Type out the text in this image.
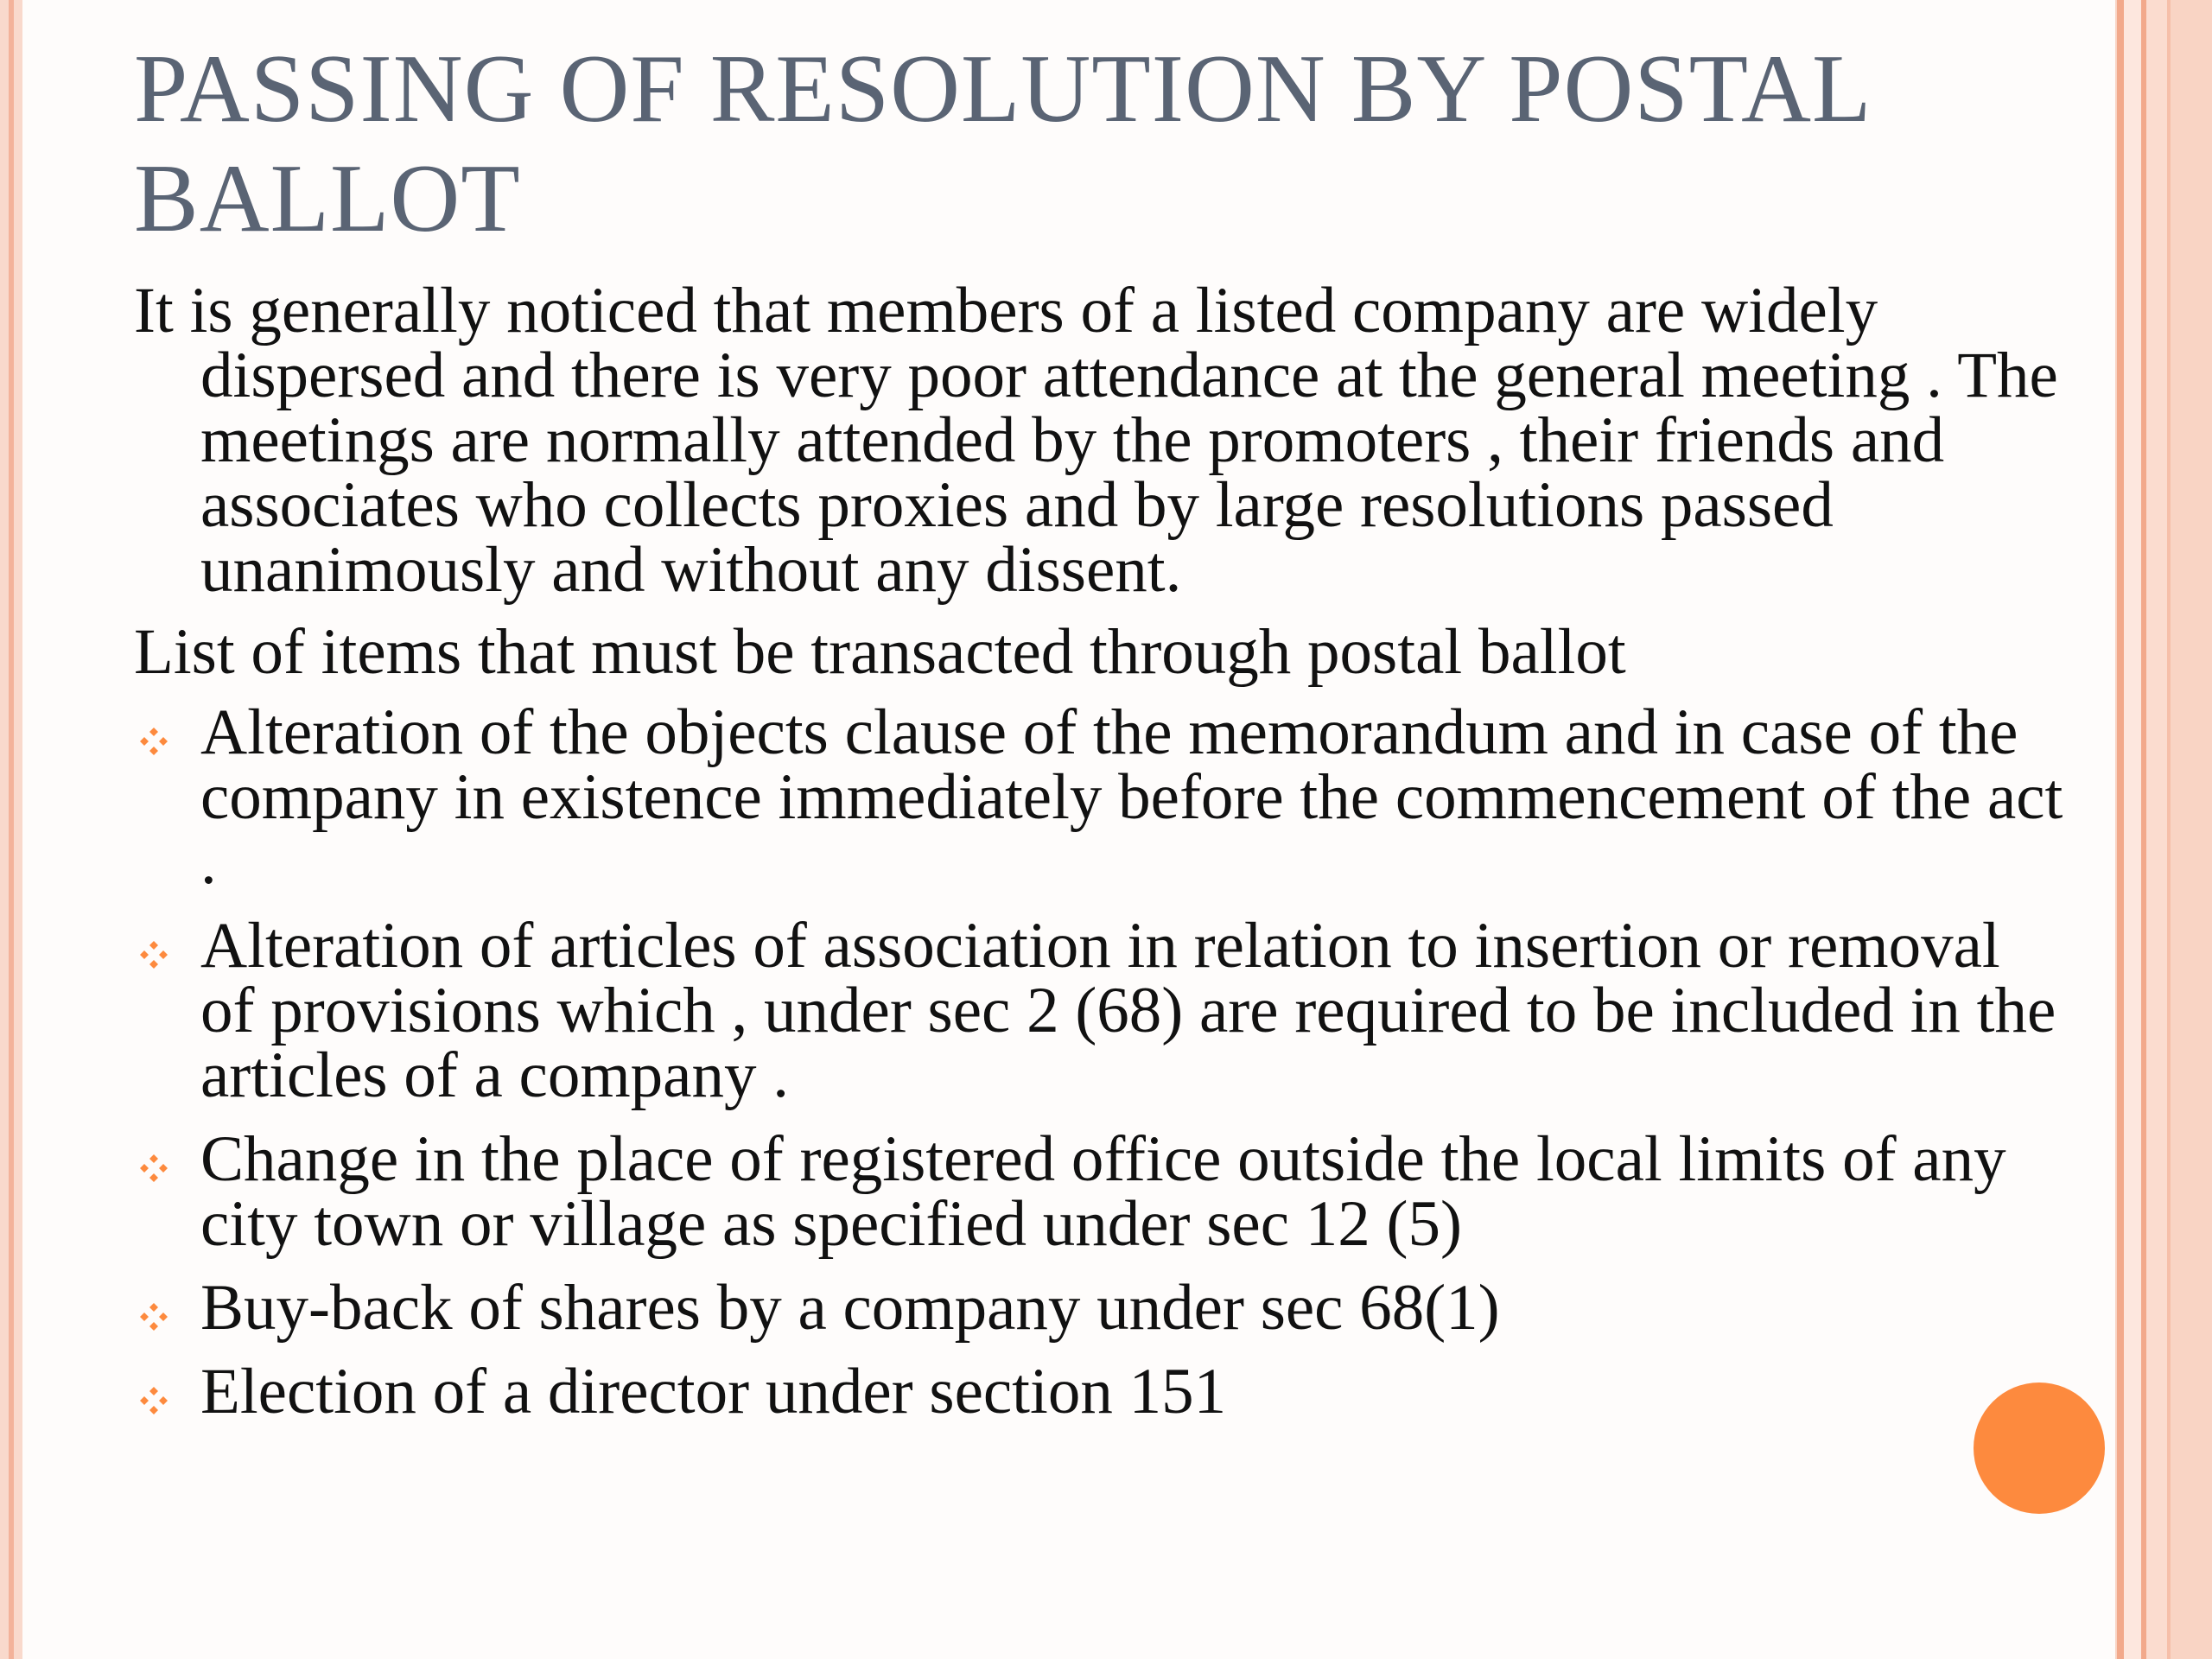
PASSING OF RESOLUTION BY POSTAL BALLOT

It is generally noticed that members of a listed company are widely dispersed and there is very poor attendance at the general meeting . The meetings are normally attended by the promoters , their friends and associates who collects proxies and by large resolutions passed unanimously and without any dissent.

List of items that must be transacted through postal ballot

Alteration of the objects clause of the memorandum and in case of the company in existence immediately before the commencement of the act .
Alteration of articles of association in relation to insertion or removal of provisions which , under sec 2 (68) are required to be included in the articles of a company .
Change in the place of registered office outside the local limits of any city town or village as specified under sec 12 (5)
Buy-back of shares by a company under sec 68(1)
Election of a director under section 151
